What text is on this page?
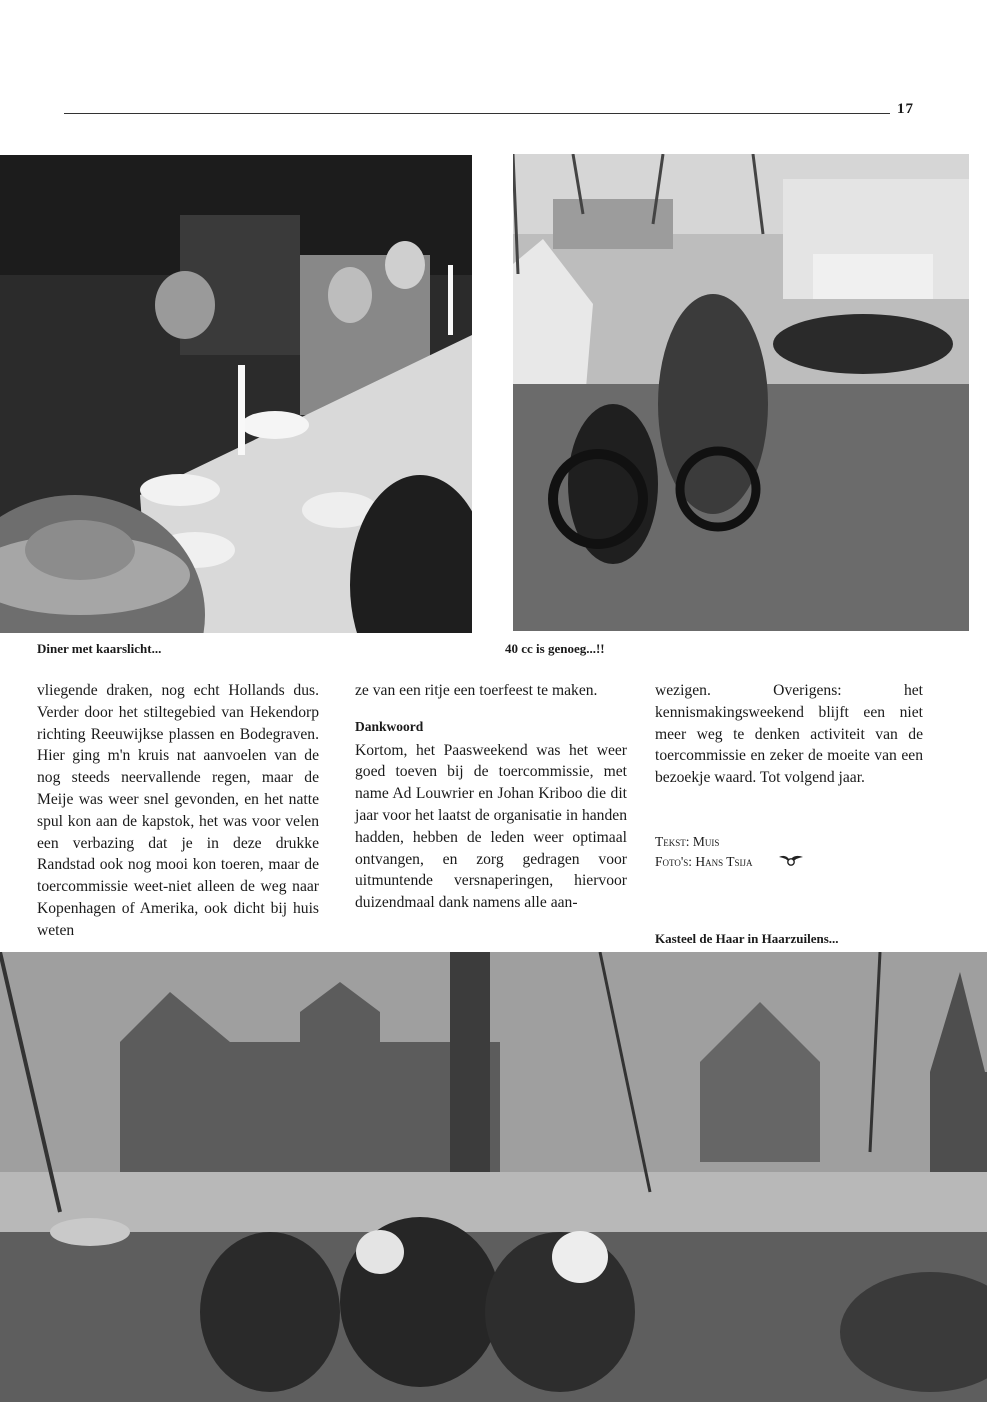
17
Diner met kaarslicht...	40 cc is genoeg...!!

vliegende draken, nog echt Hollands dus. Verder door het stiltegebied van Hekendorp richting Reeuwijkse plassen en Bodegraven. Hier ging m'n kruis nat aanvoelen van de nog steeds neervallende regen, maar de Meije was weer snel gevonden, en het natte spul kon aan de kapstok, het was voor velen een verbazing dat je in deze drukke Randstad ook nog mooi kon toeren, maar de toercommissie weet-niet alleen de weg naar Kopenhagen of Amerika, ook dicht bij huis weten

ze van een ritje een toerfeest te maken.

Dankwoord

Kortom, het Paasweekend was het weer goed toeven bij de toercommissie, met name Ad Louwrier en Johan Kriboo die dit jaar voor het laatst de organisatie in handen hadden, hebben de leden weer optimaal ontvangen, en zorg gedragen voor uitmuntende versnaperingen, hiervoor duizendmaal dank namens alle aan-

wezigen. Overigens: het kennismakingsweekend blijft een niet meer weg te denken activiteit van de toercommissie en zeker de moeite van een bezoekje waard. Tot volgend jaar.

Tekst: Muis
Foto's: Hans Tsija
Kasteel de Haar in Haarzuilens...
